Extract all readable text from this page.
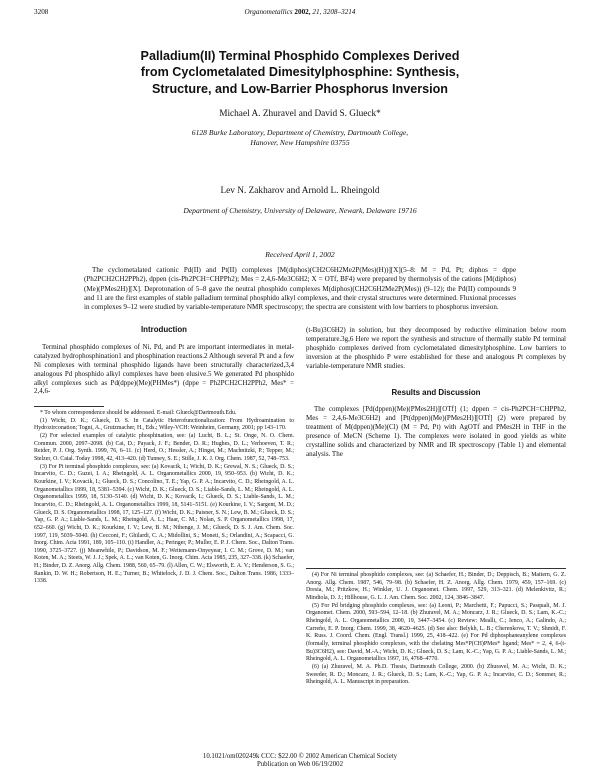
3208	Organometallics 2002, 21, 3208–3214
Palladium(II) Terminal Phosphido Complexes Derived
from Cyclometalated Dimesitylphosphine: Synthesis,
Structure, and Low-Barrier Phosphorus Inversion
Michael A. Zhuravel and David S. Glueck*
6128 Burke Laboratory, Department of Chemistry, Dartmouth College,
Hanover, New Hampshire 03755
Lev N. Zakharov and Arnold L. Rheingold
Department of Chemistry, University of Delaware, Newark, Delaware 19716
Received April 1, 2002

The cyclometalated cationic Pd(II) and Pt(II) complexes [M(diphos)(CH2C6H2Me2P(Mes)(H))][X](5–8: M = Pd, Pt; diphos = dppe (Ph2PCH2CH2PPh2), dppen (cis-Ph2PCH=CHPPh2); Mes = 2,4,6-Me3C6H2; X = OTf, BF4) were prepared by thermolysis of the cations [M(diphos)(Me)(PMes2H)][X]. Deprotonation of 5–8 gave the neutral phosphido complexes M(diphos)(CH2C6H2Me2P(Mes)) (9–12); the Pd(II) compounds 9 and 11 are the first examples of stable palladium terminal phosphido alkyl complexes, and their crystal structures were determined. Fluxional processes in complexes 9–12 were studied by variable-temperature NMR spectroscopy; the spectra are consistent with low barriers to phosphorus inversion.

Introduction

Terminal phosphido complexes of Ni, Pd, and Pt are important intermediates in metal-catalyzed hydrophosphination1 and phosphination reactions.2 Although several Pt and a few Ni complexes with terminal phosphido ligands have been structurally characterized,3,4 analogous Pd phosphido alkyl complexes have been elusive.5 We generated Pd phosphido alkyl complexes such as Pd(dppe)(Me)(PHMes*) (dppe = Ph2PCH2CH2PPh2, Mes* = 2,4,6-

* To whom correspondence should be addressed. E-mail: Glueck@Dartmouth.Edu.

(1) Wicht, D. K.; Glueck, D. S. In Catalytic Heterofunctionalization: From Hydroamination to Hydrozirconation; Togni, A., Grutzmacher, H., Eds.; Wiley-VCH: Weinheim, Germany, 2001; pp 143–170.

(2) For selected examples of catalytic phosphination, see: (a) Lucht, B. L.; St. Onge, N. O. Chem. Commun. 2000, 2097–2098. (b) Cai, D.; Payack, J. F.; Bender, D. R.; Hughes, D. L.; Verhoeven, T. R.; Reider, P. J. Org. Synth. 1999, 76, 6–11. (c) Herd, O.; Hessler, A.; Hingst, M.; Machnitzki, P.; Tepper, M.; Stelzer, O. Catal. Today 1998, 42, 413–420. (d) Tunney, S. E.; Stille, J. K. J. Org. Chem. 1987, 52, 748–753.

(3) For Pt terminal phosphido complexes, see: (a) Kovacik, I.; Wicht, D. K.; Grewal, N. S.; Glueck, D. S.; Incarvito, C. D.; Guzei, I. A.; Rheingold, A. L. Organometallics 2000, 19, 950–953. (b) Wicht, D. K.; Kourkine, I. V.; Kovacik, I.; Glueck, D. S.; Concolino, T. E.; Yap, G. P. A.; Incarvito, C. D.; Rheingold, A. L. Organometallics 1999, 18, 5381–5394. (c) Wicht, D. K.; Glueck, D. S.; Liable-Sands, L. M.; Rheingold, A. L. Organometallics 1999, 18, 5130–5140. (d) Wicht, D. K.; Kovacik, I.; Glueck, D. S.; Liable-Sands, L. M.; Incarvito, C. D.; Rheingold, A. L. Organometallics 1999, 18, 5141–5151. (e) Kourkine, I. V.; Sargent, M. D.; Glueck, D. S. Organometallics 1998, 17, 125–127. (f) Wicht, D. K.; Paisner, S. N.; Lew, B. M.; Glueck, D. S.; Yap, G. P. A.; Liable-Sands, L. M.; Rheingold, A. L.; Haar, C. M.; Nolan, S. P. Organometallics 1998, 17, 652–660. (g) Wicht, D. K.; Kourkine, I. V.; Lew, B. M.; Nthenge, J. M.; Glueck, D. S. J. Am. Chem. Soc. 1997, 119, 5039–5040. (h) Cecconi, F.; Ghilardi, C. A.; Midollini, S.; Moneti, S.; Orlandini, A.; Scapacci, G. Inorg. Chim. Acta 1991, 189, 105–110. (i) Handler, A.; Peringer, P.; Muller, E. P. J. Chem. Soc., Dalton Trans. 1990, 3725–3727. (j) Meanwhile, P.; Davidson, M. F.; Weitemann-Onyeyear, I. C. M.; Grove, D. M.; van Koten, M. A.; Steets, W. J. J.; Spek, A. L.; van Koten, G. Inorg. Chim. Acta 1985, 235, 327–338. (k) Schaefer, H.; Binder, D. Z. Anorg. Allg. Chem. 1988, 560, 65–79. (l) Allen, C. W.; Elsworth, E. A. V.; Henderson, S. G.; Rankin, D. W. H.; Robertson, H. E.; Turner, B.; Whitelock, J. D. J. Chem. Soc., Dalton Trans. 1986, 1333–1338.

(t-Bu)3C6H2) in solution, but they decomposed by reductive elimination below room temperature.3g,6 Here we report the synthesis and structure of thermally stable Pd terminal phosphido complexes derived from cyclometalated dimesitylphosphine. Low barriers to inversion at the phosphido P were established for these and analogous Pt complexes by variable-temperature NMR studies.

Results and Discussion

The complexes [Pd(dppen)(Me)(PMes2H)][OTf] (1; dppen = cis-Ph2PCH=CHPPh2, Mes = 2,4,6-Me3C6H2) and [Pt(dppen)(Me)(PMes2H)][OTf] (2) were prepared by treatment of M(dppen)(Me)(Cl) (M = Pd, Pt) with AgOTf and PMes2H in THF in the presence of MeCN (Scheme 1). The complexes were isolated in good yields as white crystalline solids and characterized by NMR and IR spectroscopy (Table 1) and elemental analysis. The

(4) For Ni terminal phosphido complexes, see: (a) Schaefer, H.; Binder, D.; Deppisch, B.; Mattern, G. Z. Anorg. Allg. Chem. 1987, 546, 79–98. (b) Schaefer, H. Z. Anorg. Allg. Chem. 1979, 459, 157–169. (c) Dresia, M.; Pritzkow, H.; Winkler, U. J. Organomet. Chem. 1997, 529, 313–321. (d) Melenkivitz, R.; Mindiola, D. J.; Hillhouse, G. L. J. Am. Chem. Soc. 2002, 124, 3846–3847.

(5) For Pd bridging phosphido complexes, see: (a) Leoni, P.; Marchetti, F.; Papucci, S.; Pasquali, M. J. Organomet. Chem. 2000, 593–594, 12–18. (b) Zhuravel, M. A.; Moncarz, J. R.; Glueck, D. S.; Lam, K.-C.; Rheingold, A. L. Organometallics 2000, 19, 3447–3454. (c) Review: Mealli, C.; Ienco, A.; Galindo, A.; Carreño, E. P. Inorg. Chem. 1999, 38, 4620–4625. (d) See also: Belykh, L. B.; Cherenkova, T. V.; Shmidt, F. K. Russ. J. Coord. Chem. (Engl. Transl.) 1999, 25, 418–422. (e) For Pd diphosphaneanylene complexes (formally, terminal phosphido complexes, with the chelating Mes*P(CH)PMes* ligand; Mes* = 2, 4, 6-(t-Bu)3C6H2), see: David, M.-A.; Wicht, D. K.; Glueck, D. S.; Lam, K.-C.; Yap, G. P. A.; Liable-Sands, L. M.; Rheingold, A. L. Organometallics 1997, 16, 4768–4770.

(6) (a) Zhuravel, M. A. Ph.D. Thesis, Dartmouth College, 2000. (b) Zhuravel, M. A.; Wicht, D. K.; Sweeder, R. D.; Moncarz, J. R.; Glueck, D. S.; Lam, K.-C.; Yap, G. P. A.; Incarvito, C. D.; Sommer, R.; Rheingold, A. L. Manuscript in preparation.

10.1021/om020249k CCC: $22.00 © 2002 American Chemical Society
Publication on Web 06/19/2002
